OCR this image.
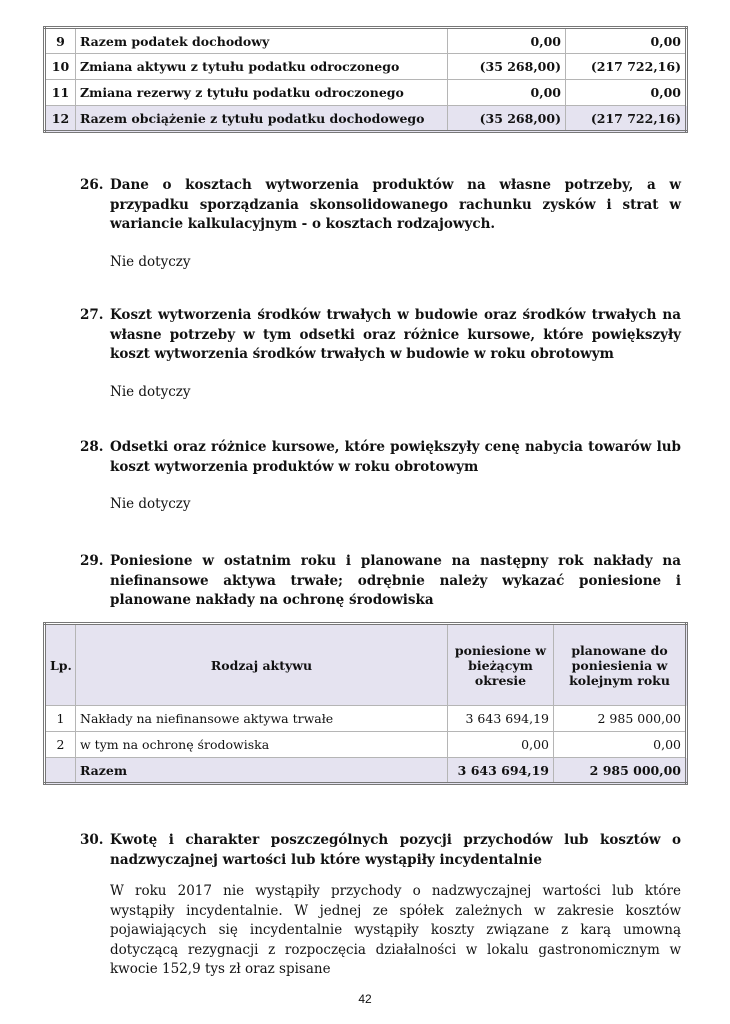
9	Razem podatek dochodowy	0,00	0,00
10	Zmiana aktywu z tytułu podatku odroczonego	(35 268,00)	(217 722,16)
11	Zmiana rezerwy z tytułu podatku odroczonego	0,00	0,00
12	Razem obciążenie z tytułu podatku dochodowego	(35 268,00)	(217 722,16)
26. Dane o kosztach wytworzenia produktów na własne potrzeby, a w przypadku sporządzania skonsolidowanego rachunku zysków i strat w wariancie kalkulacyjnym - o kosztach rodzajowych.
Nie dotyczy
27. Koszt wytworzenia środków trwałych w budowie oraz środków trwałych na własne potrzeby w tym odsetki oraz różnice kursowe, które powiększyły koszt wytworzenia środków trwałych w budowie w roku obrotowym
Nie dotyczy
28. Odsetki oraz różnice kursowe, które powiększyły cenę nabycia towarów lub koszt wytworzenia produktów w roku obrotowym
Nie dotyczy
29. Poniesione w ostatnim roku i planowane na następny rok nakłady na niefinansowe aktywa trwałe; odrębnie należy wykazać poniesione i planowane nakłady na ochronę środowiska
Lp.	Rodzaj aktywu	poniesione w bieżącym okresie	planowane do poniesienia w kolejnym roku
1	Nakłady na niefinansowe aktywa trwałe	3 643 694,19	2 985 000,00
2	w tym na ochronę środowiska	0,00	0,00
	Razem	3 643 694,19	2 985 000,00
30. Kwotę i charakter poszczególnych pozycji przychodów lub kosztów o nadzwyczajnej wartości lub które wystąpiły incydentalnie
W roku 2017 nie wystąpiły przychody o nadzwyczajnej wartości lub które wystąpiły incydentalnie. W jednej ze spółek zależnych w zakresie kosztów pojawiających się incydentalnie wystąpiły koszty związane z karą umowną dotyczącą rezygnacji z rozpoczęcia działalności w lokalu gastronomicznym w kwocie 152,9 tys zł oraz spisane
42
